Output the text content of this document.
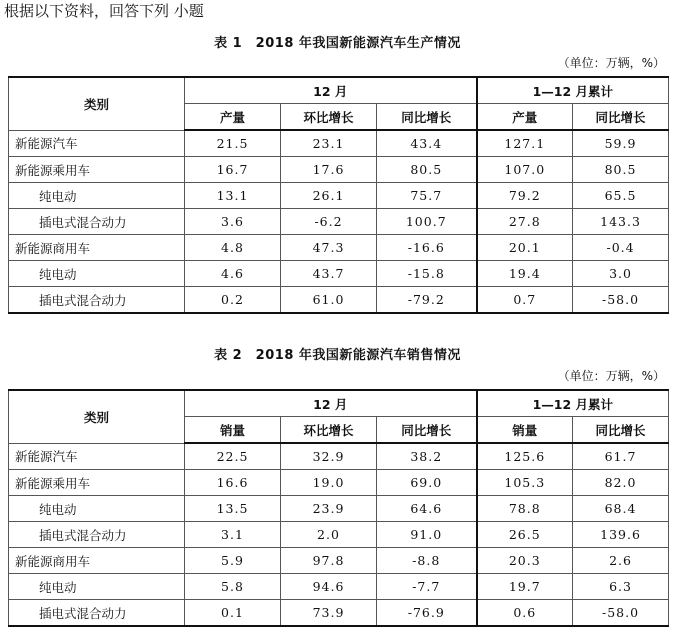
根据以下资料，回答下列 小题
表 1　2018 年我国新能源汽车生产情况
（单位：万辆，%）
类别	12 月			1—12 月累计	
	产量	环比增长	同比增长	产量	同比增长
新能源汽车	21.5	23.1	43.4	127.1	59.9
新能源乘用车	16.7	17.6	80.5	107.0	80.5
纯电动	13.1	26.1	75.7	79.2	65.5
插电式混合动力	3.6	-6.2	100.7	27.8	143.3
新能源商用车	4.8	47.3	-16.6	20.1	-0.4
纯电动	4.6	43.7	-15.8	19.4	3.0
插电式混合动力	0.2	61.0	-79.2	0.7	-58.0
表 2　2018 年我国新能源汽车销售情况
（单位：万辆，%）
类别	12 月			1—12 月累计	
	销量	环比增长	同比增长	销量	同比增长
新能源汽车	22.5	32.9	38.2	125.6	61.7
新能源乘用车	16.6	19.0	69.0	105.3	82.0
纯电动	13.5	23.9	64.6	78.8	68.4
插电式混合动力	3.1	2.0	91.0	26.5	139.6
新能源商用车	5.9	97.8	-8.8	20.3	2.6
纯电动	5.8	94.6	-7.7	19.7	6.3
插电式混合动力	0.1	73.9	-76.9	0.6	-58.0
